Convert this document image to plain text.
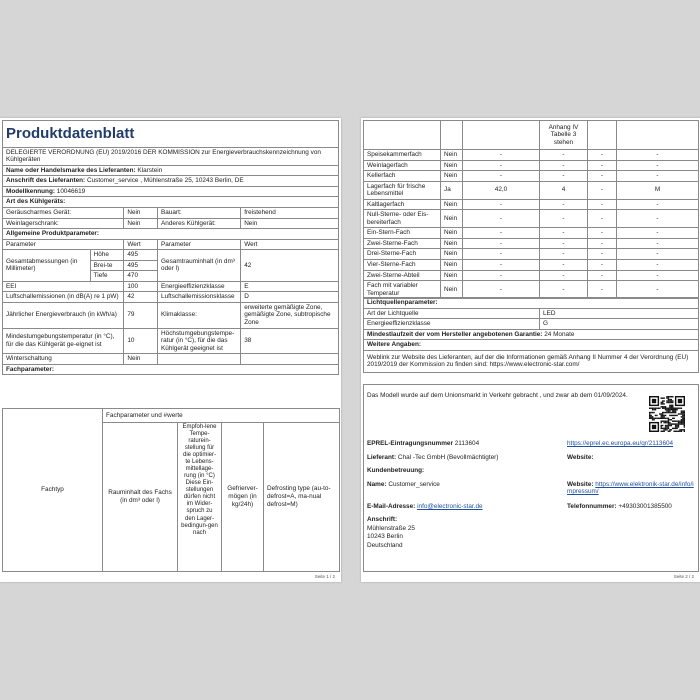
Produktdatenblatt				
DELEGIERTE VERORDNUNG (EU) 2019/2016 DER KOMMISSION zur Energieverbrauchskennzeichnung von Kühlgeräten				
Name oder Handelsmarke des Lieferanten: Klarstein				
Anschrift des Lieferanten: Customer_service , Mühlenstraße 25, 10243 Berlin, DE				
Modellkennung: 10046619				
Art des Kühlgeräts:				
Geräuscharmes Gerät:		Nein	Bauart:	freistehend
Weinlagerschrank:		Nein	Anderes Kühlgerät:	Nein
Allgemeine Produktparameter:				
Parameter		Wert	Parameter	Wert
Gesamtabmessungen (in Millimeter)	Höhe	495	Gesamtrauminhalt (in dm³ oder l)	42
	Brei-te	495		
	Tiefe	470		
EEI		100	Energieeffizienzklasse	E
Luftschallemissionen (in dB(A) re 1 pW)		42	Luftschallemissionsklasse	D
Jährlicher Energieverbrauch (in kWh/a)		79	Klimaklasse:	erweiterte gemäßigte Zone, gemäßigte Zone, subtropische Zone
Mindestumgebungstemperatur (in °C), für die das Kühlgerät ge-eignet ist		10	Höchstumgebungstempe-ratur (in °C), für die das Kühlgerät geeignet ist	38
Winterschaltung		Nein		
Fachparameter:				
Fachtyp	Fachparameter und #werte			
	Rauminhalt des Fachs (in dm³ oder l)	Empfoh-lene Tempe-raturein-stellung für die optimier-te Lebens-mittellage-rung (in °C) Diese Ein-stellungen dürfen nicht im Wider-spruch zu den Lager-bedingun-gen nach	Gefrierver-mögen (in kg/24h)	Defrosting type (au-to-defrost=A, ma-nual defrost=M)
Seite 1 / 2
			Anhang IV Tabelle 3 stehen		
Speisekammerfach	Nein	-	-	-	-
Weinlagerfach	Nein	-	-	-	-
Kellerfach	Nein	-	-	-	-
Lagerfach für frische Lebensmittel	Ja	42,0	4	-	M
Kaltlagerfach	Nein	-	-	-	-
Null-Sterne- oder Eis-bereiterfach	Nein	-	-	-	-
Ein-Stern-Fach	Nein	-	-	-	-
Zwei-Sterne-Fach	Nein	-	-	-	-
Drei-Sterne-Fach	Nein	-	-	-	-
Vier-Sterne-Fach	Nein	-	-	-	-
Zwei-Sterne-Abteil	Nein	-	-	-	-
Fach mit variabler Temperatur	Nein	-	-	-	-
Lichtquellenparameter:	
Art der Lichtquelle	LED
Energieeffizienzklasse	G
Mindestlaufzeit der vom Hersteller angebotenen Garantie: 24 Monate	
Weitere Angaben:	
Weblink zur Website des Lieferanten, auf der die Informationen gemäß Anhang II Nummer 4 der Verordnung (EU) 2019/2019 der Kommission zu finden sind: https://www.electronic-star.com/	
Das Modell wurde auf dem Unionsmarkt in Verkehr gebracht , und zwar ab dem 01/09/2024.
EPREL-Eintragungsnummer 2113604	https://eprel.ec.europa.eu/qr/2113604
Lieferant: Chal -Tec GmbH (Bevollmächtigter)	Website:
Kundenbetreuung:
Name: Customer_service	Website: https://www.elektronik-star.de/info/impressum/
E-Mail-Adresse: info@electronic-star.de	Telefonnummer: +49303001385500
Anschrift:
Mühlenstraße 25
10243 Berlin
Deutschland
Seite 2 / 2
